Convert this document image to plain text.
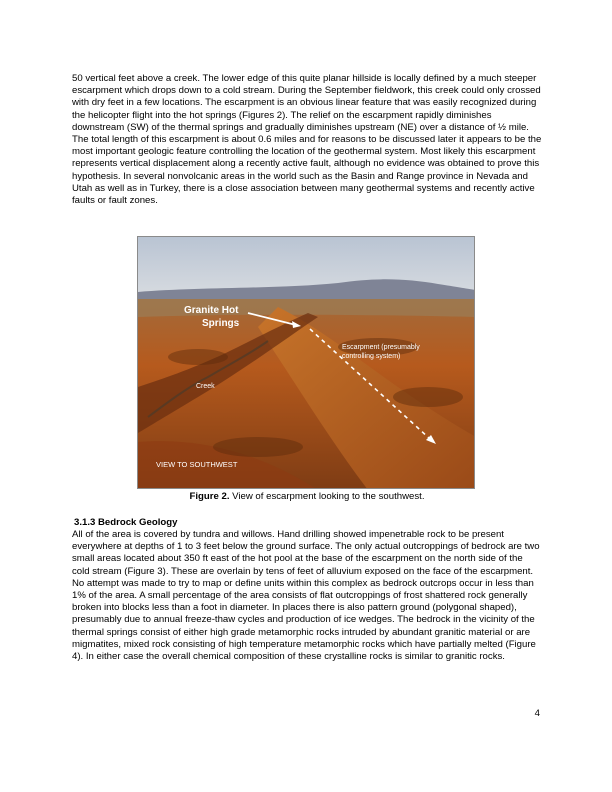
50 vertical feet above a creek. The lower edge of this quite planar hillside is locally defined by a much steeper escarpment which drops down to a cold stream. During the September fieldwork, this creek could only crossed with dry feet in a few locations. The escarpment is an obvious linear feature that was easily recognized during the helicopter flight into the hot springs (Figures 2). The relief on the escarpment rapidly diminishes downstream (SW) of the thermal springs and gradually diminishes upstream (NE) over a distance of ½ mile. The total length of this escarpment is about 0.6 miles and for reasons to be discussed later it appears to be the most important geologic feature controlling the location of the geothermal system. Most likely this escarpment represents vertical displacement along a recently active fault, although no evidence was obtained to prove this hypothesis. In several nonvolcanic areas in the world such as the Basin and Range province in Nevada and Utah as well as in Turkey, there is a close association between many geothermal systems and recently active faults or fault zones.

Granite Hot
Springs
Escarpment (presumably
controlling system)
Creek
VIEW TO SOUTHWEST
Figure 2. View of escarpment looking to the southwest.
3.1.3 Bedrock Geology

All of the area is covered by tundra and willows. Hand drilling showed impenetrable rock to be present everywhere at depths of 1 to 3 feet below the ground surface. The only actual outcroppings of bedrock are two small areas located about 350 ft east of the hot pool at the base of the escarpment on the north side of the cold stream (Figure 3). These are overlain by tens of feet of alluvium exposed on the face of the escarpment. No attempt was made to try to map or define units within this complex as bedrock outcrops occur in less than 1% of the area. A small percentage of the area consists of flat outcroppings of frost shattered rock generally broken into blocks less than a foot in diameter. In places there is also pattern ground (polygonal shaped), presumably due to annual freeze-thaw cycles and production of ice wedges. The bedrock in the vicinity of the thermal springs consist of either high grade metamorphic rocks intruded by abundant granitic material or are migmatites, mixed rock consisting of high temperature metamorphic rocks which have partially melted (Figure 4). In either case the overall chemical composition of these crystalline rocks is similar to granitic rocks.

4
